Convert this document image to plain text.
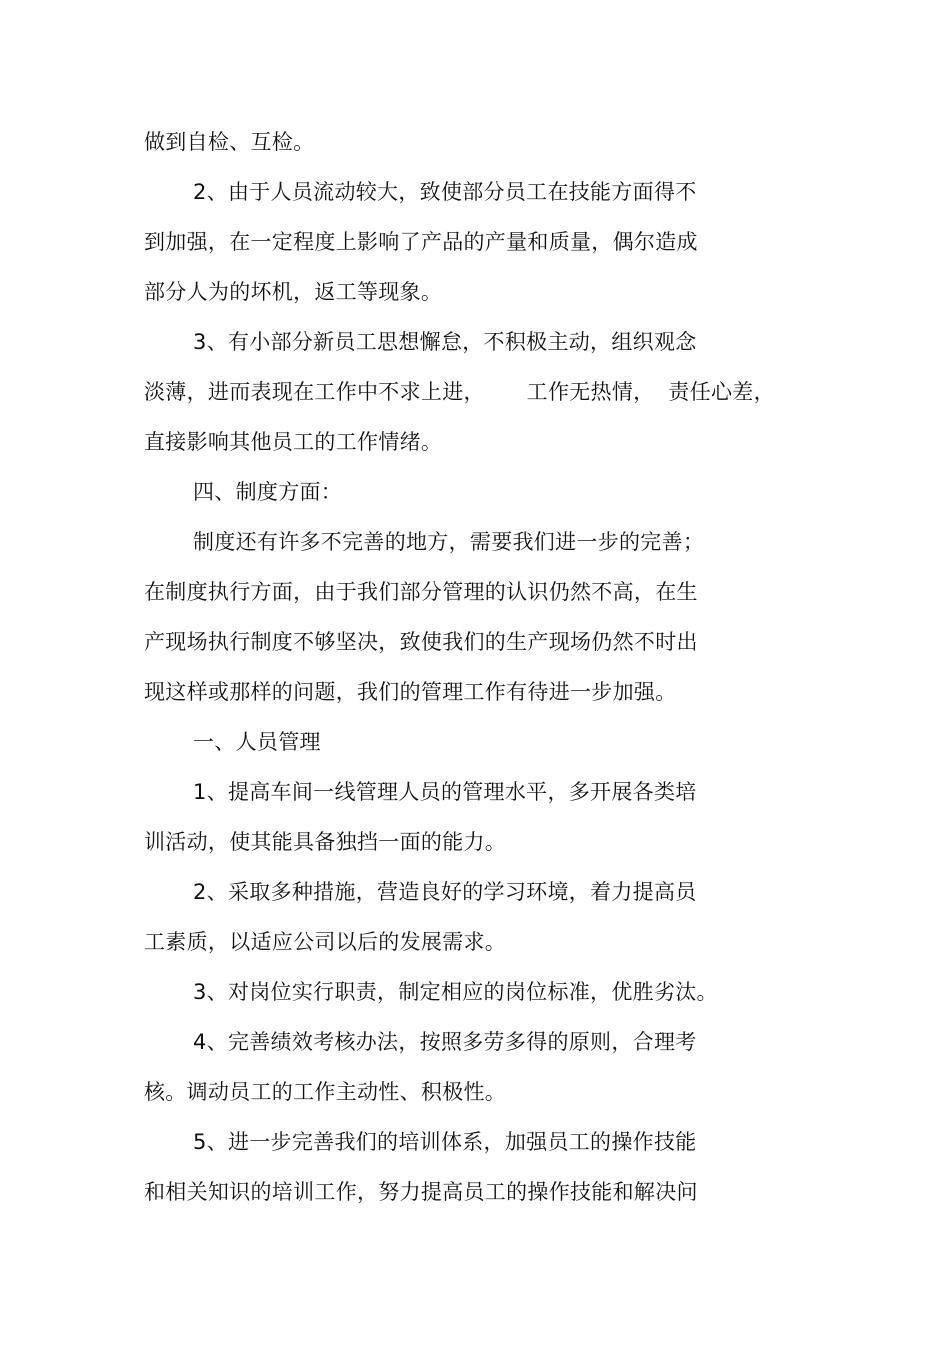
做到自检、互检。
2、由于人员流动较大，致使部分员工在技能方面得不
到加强，在一定程度上影响了产品的产量和质量，偶尔造成
部分人为的坏机，返工等现象。
3、有小部分新员工思想懈怠，不积极主动，组织观念
淡薄，进而表现在工作中不求上进，      工作无热情，  责任心差，
直接影响其他员工的工作情绪。
四、制度方面：
制度还有许多不完善的地方，需要我们进一步的完善；
在制度执行方面，由于我们部分管理的认识仍然不高，在生
产现场执行制度不够坚决，致使我们的生产现场仍然不时出
现这样或那样的问题，我们的管理工作有待进一步加强。
一、人员管理
1、提高车间一线管理人员的管理水平，多开展各类培
训活动，使其能具备独挡一面的能力。
2、采取多种措施，营造良好的学习环境，着力提高员
工素质，以适应公司以后的发展需求。
3、对岗位实行职责，制定相应的岗位标准，优胜劣汰。
4、完善绩效考核办法，按照多劳多得的原则，合理考
核。调动员工的工作主动性、积极性。
5、进一步完善我们的培训体系，加强员工的操作技能
和相关知识的培训工作，努力提高员工的操作技能和解决问
